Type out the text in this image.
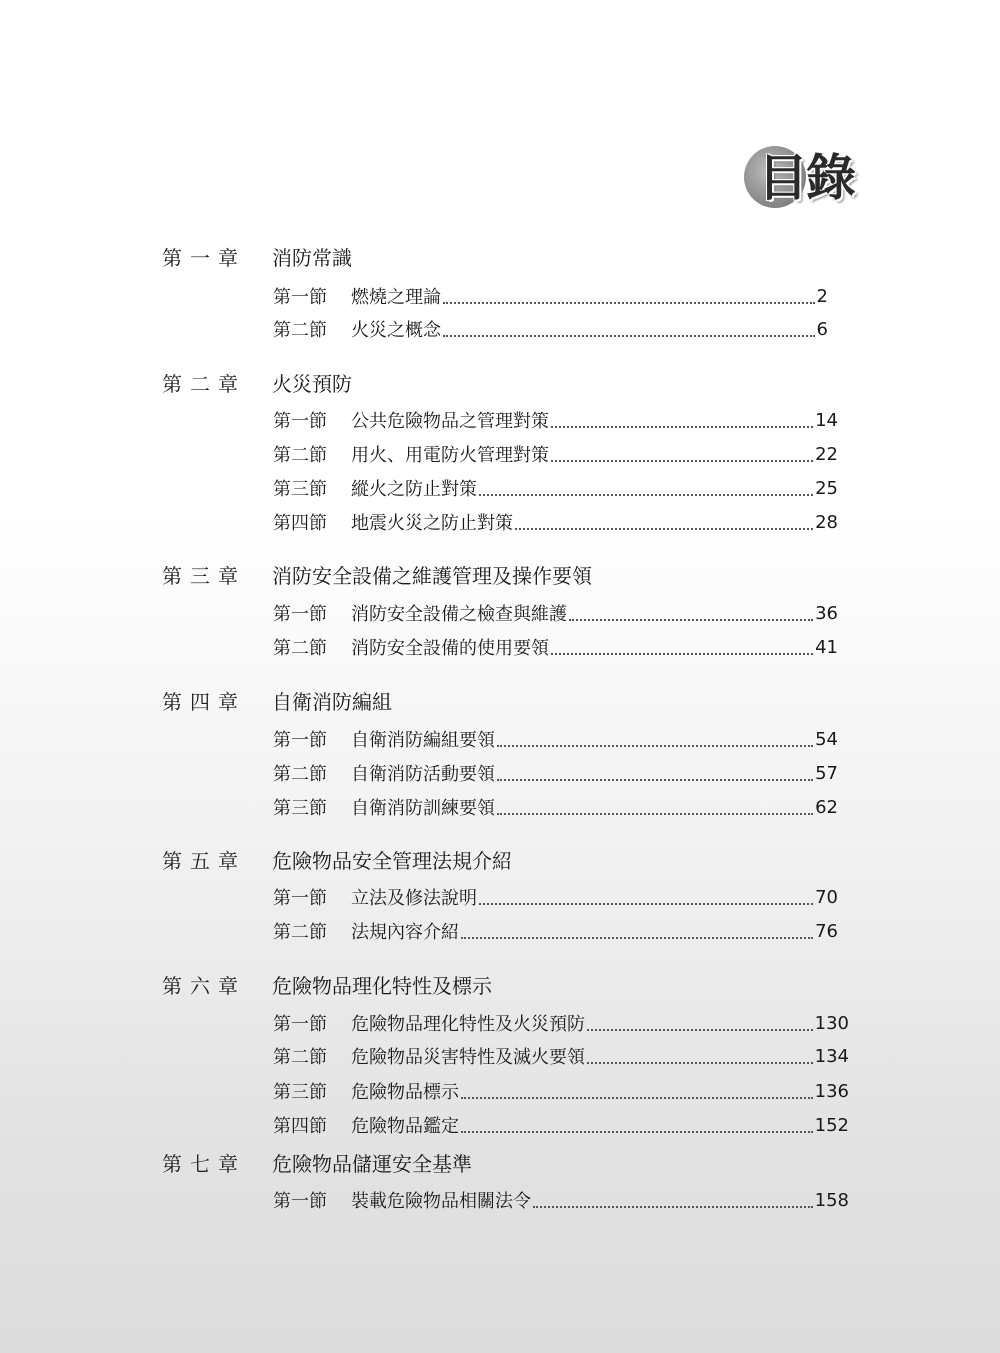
目錄
第一章	消防常識
第一節	燃燒之理論	2
第二節	火災之概念	6
第二章	火災預防
第一節	公共危險物品之管理對策	14
第二節	用火、用電防火管理對策	22
第三節	縱火之防止對策	25
第四節	地震火災之防止對策	28
第三章	消防安全設備之維護管理及操作要領
第一節	消防安全設備之檢查與維護	36
第二節	消防安全設備的使用要領	41
第四章	自衛消防編組
第一節	自衛消防編組要領	54
第二節	自衛消防活動要領	57
第三節	自衛消防訓練要領	62
第五章	危險物品安全管理法規介紹
第一節	立法及修法說明	70
第二節	法規內容介紹	76
第六章	危險物品理化特性及標示
第一節	危險物品理化特性及火災預防	130
第二節	危險物品災害特性及滅火要領	134
第三節	危險物品標示	136
第四節	危險物品鑑定	152
第七章	危險物品儲運安全基準
第一節	裝載危險物品相關法令	158
